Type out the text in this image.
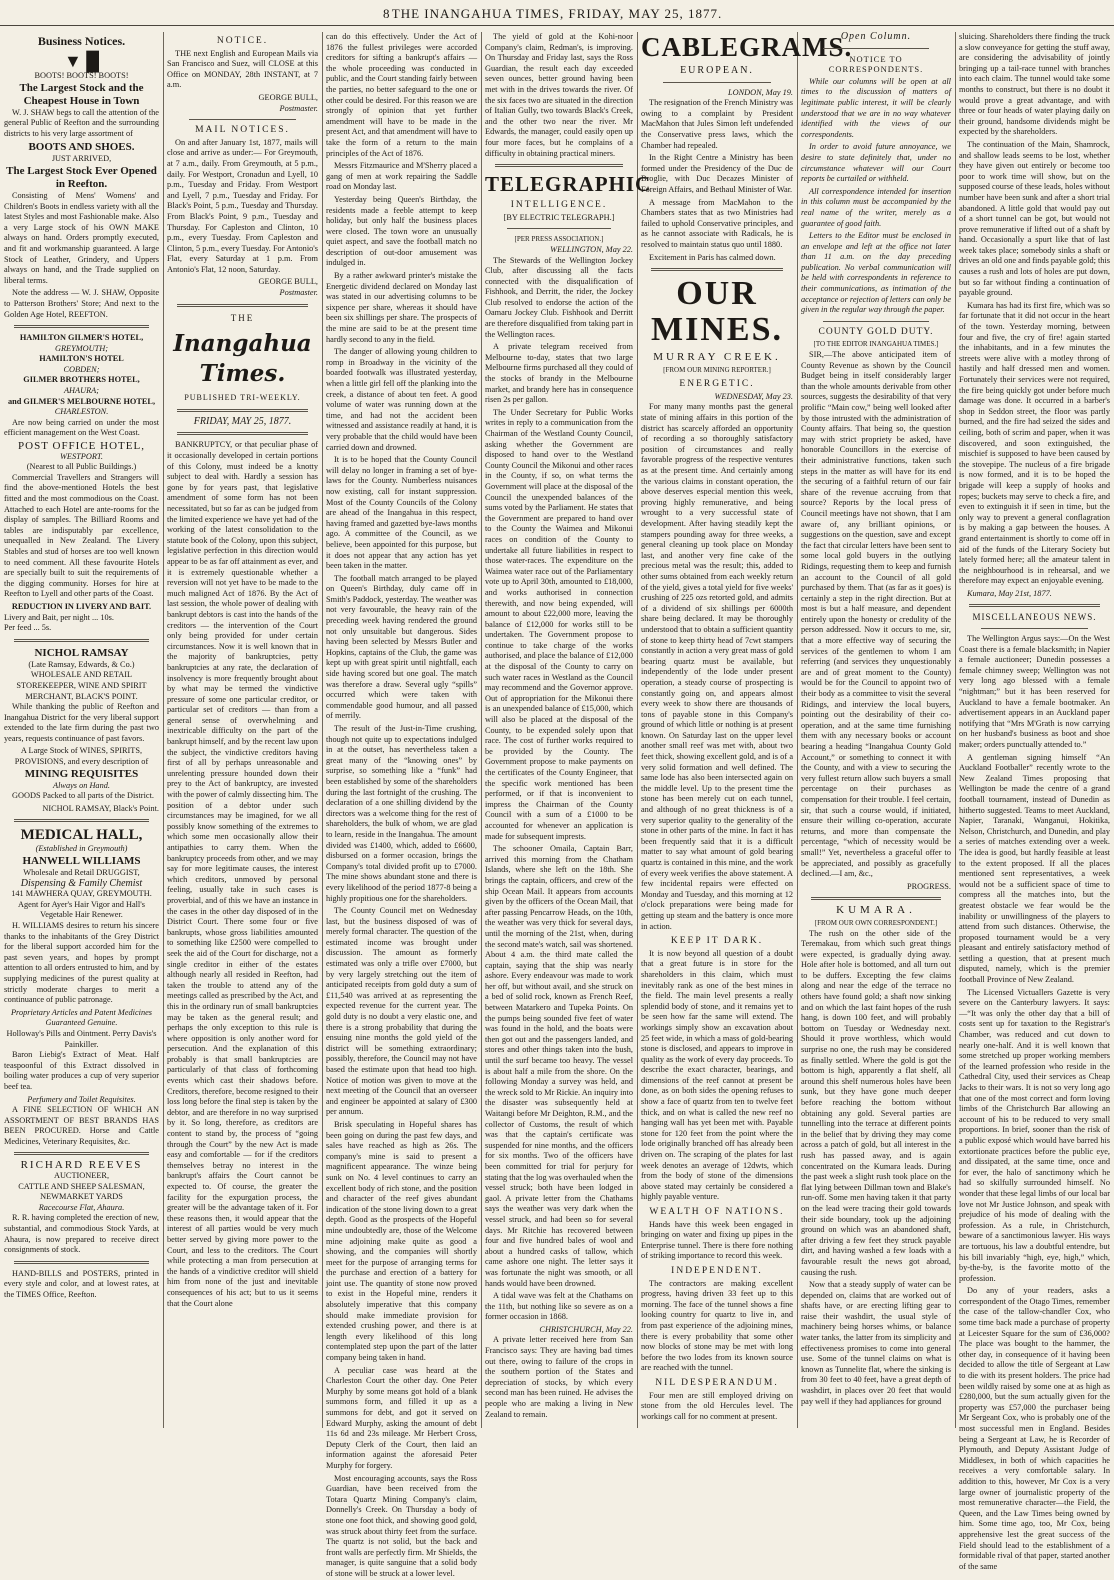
8 THE INANGAHUA TIMES, FRIDAY, MAY 25, 1877.
Business Notices.
▼ █
BOOTS! BOOTS! BOOTS!
The Largest Stock and the Cheapest House in Town

W. J. SHAW begs to call the attention of the general Public of Reefton and the surrounding districts to his very large assortment of

BOOTS AND SHOES.
JUST ARRIVED,
The Largest Stock Ever Opened in Reefton.

Consisting of Mens' Womens' and Children's Boots in endless variety with all the latest Styles and most Fashionable make. Also a very Large stock of his OWN MAKE always on hand. Orders promptly executed, and fit and workmanship guaranteed. A large Stock of Leather, Grindery, and Uppers always on hand, and the Trade supplied on liberal terms.

Note the address — W. J. SHAW, Opposite to Patterson Brothers' Store; And next to the Golden Age Hotel, REEFTON.

HAMILTON GILMER'S HOTEL,
GREYMOUTH;
HAMILTON'S HOTEL
COBDEN;
GILMER BROTHERS HOTEL,
AHAURA;
and GILMER'S MELBOURNE HOTEL,
CHARLESTON.

Are now being carried on under the most efficient management on the West Coast.

POST OFFICE HOTEL,
WESTPORT.
(Nearest to all Public Buildings.)

Commercial Travellers and Strangers will find the above-mentioned Hotels the best fitted and the most commodious on the Coast. Attached to each Hotel are ante-rooms for the display of samples. The Billiard Rooms and tables are indisputably par excellence, unequalled in New Zealand. The Livery Stables and stud of horses are too well known to need comment. All these favourite Hotels are specially built to suit the requirements of the digging community. Horses for hire at Reefton to Lyell and other parts of the Coast.

REDUCTION IN LIVERY AND BAIT.
Livery and Bait, per night ... 10s.
Per feed ... 5s.
NICHOL RAMSAY
(Late Ramsay, Edwards, & Co.)
WHOLESALE AND RETAIL STOREKEEPER, WINE AND SPIRIT MERCHANT, BLACK'S POINT.

While thanking the public of Reefton and Inangahua District for the very liberal support extended to the late firm during the past two years, requests continuance of past favors.

A Large Stock of WINES, SPIRITS, PROVISIONS, and every description of
MINING REQUISITES
Always on Hand.

GOODS Packed to all parts of the District.

NICHOL RAMSAY, Black's Point.
MEDICAL HALL,
(Established in Greymouth)
HANWELL WILLIAMS
Wholesale and Retail DRUGGIST,
Dispensing & Family Chemist
141 MAWHERA QUAY, GREYMOUTH.
Agent for Ayer's Hair Vigor and Hall's Vegetable Hair Renewer.

H. WILLIAMS desires to return his sincere thanks to the inhabitants of the Grey District for the liberal support accorded him for the past seven years, and hopes by prompt attention to all orders entrusted to him, and by supplying medicines of the purest quality at strictly moderate charges to merit a continuance of public patronage.

Proprietary Articles and Patent Medicines Guaranteed Genuine.
Holloway's Pills and Ointment. Perry Davis's Painkiller.

Baron Liebig's Extract of Meat. Half teaspoonful of this Extract dissolved in boiling water produces a cup of very superior beef tea.

Perfumery and Toilet Requisites.

A FINE SELECTION OF WHICH AN ASSORTMENT OF BEST BRANDS HAS BEEN PROCURED. Horse and Cattle Medicines, Veterinary Requisites, &c.

RICHARD REEVES
AUCTIONEER,
CATTLE AND SHEEP SALESMAN,
NEWMARKET YARDS
Racecourse Flat, Ahaura.

R. R. having completed the erection of new, substantial, and commodious Stock Yards, at Ahaura, is now prepared to receive direct consignments of stock.

HAND-BILLS and POSTERS, printed in every style and color, and at lowest rates, at the TIMES Office, Reefton.

NOTICE.

THE next English and European Mails via San Francisco and Suez, will CLOSE at this Office on MONDAY, 28th INSTANT, at 7 a.m.

GEORGE BULL,
Postmaster.
MAIL NOTICES.

On and after January 1st, 1877, mails will close and arrive as under:— For Greymouth, at 7 a.m., daily. From Greymouth, at 5 p.m., daily. For Westport, Cronadun and Lyell, 10 p.m., Tuesday and Friday. From Westport and Lyell, 7 p.m., Tuesday and Friday. For Black's Point, 5 p.m., Tuesday and Thursday. From Black's Point, 9 p.m., Tuesday and Thursday. For Capleston and Clinton, 10 p.m., every Tuesday. From Capleston and Clinton, 5 p.m., every Tuesday. For Antonio's Flat, every Saturday at 1 p.m. From Antonio's Flat, 12 noon, Saturday.

GEORGE BULL,
Postmaster.
THE
Inangahua Times.
PUBLISHED TRI-WEEKLY.
FRIDAY, MAY 25, 1877.

BANKRUPTCY, or that peculiar phase of it occasionally developed in certain portions of this Colony, must indeed be a knotty subject to deal with. Hardly a session has gone by for years past, that legislative amendment of some form has not been necessitated, but so far as can be judged from the limited experience we have yet had of the working of the latest consolidation to the statute book of the Colony, upon this subject, legislative perfection in this direction would appear to be as far off attainment as ever, and it is extremely questionable whether a reversion will not yet have to be made to the much maligned Act of 1876. By the Act of last session, the whole power of dealing with bankrupt debtors is cast into the hands of the creditors — the intervention of the Court only being provided for under certain circumstances. Now it is well known that in the majority of bankruptcies, petty bankruptcies at any rate, the declaration of insolvency is more frequently brought about by what may be termed the vindictive pressure of some one particular creditor, or particular set of creditors — than from a general sense of overwhelming and inextricable difficulty on the part of the bankrupt himself, and by the recent law upon the subject, the vindictive creditors having first of all by perhaps unreasonable and unrelenting pressure hounded down their prey to the Act of bankruptcy, are invested with the power of calmly dissecting him. The position of a debtor under such circumstances may be imagined, for we all possibly know something of the extremes to which some men occasionally allow their antipathies to carry them. When the bankruptcy proceeds from other, and we may say for more legitimate causes, the interest which creditors, unmoved by personal feeling, usually take in such cases is proverbial, and of this we have an instance in the cases in the other day disposed of in the District Court. There some four or five bankrupts, whose gross liabilities amounted to something like £2500 were compelled to seek the aid of the Court for discharge, not a single creditor in either of the estates although nearly all resided in Reefton, had taken the trouble to attend any of the meetings called as prescribed by the Act, and this in the ordinary run of small bankruptcies may be taken as the general result; and perhaps the only exception to this rule is where opposition is only another word for persecution. And the explanation of this probably is that small bankruptcies are particularly of that class of forthcoming events which cast their shadows before. Creditors, therefore, become resigned to their loss long before the final step is taken by the debtor, and are therefore in no way surprised by it. So long, therefore, as creditors are content to stand by, the process of “going through the Court” by the new Act is made easy and comfortable — for if the creditors themselves betray no interest in the bankrupt's affairs the Court cannot be expected to. Of course, the greater the facility for the expurgation process, the greater will be the advantage taken of it. For these reasons then, it would appear that the interest of all parties would be very much better served by giving more power to the Court, and less to the creditors. The Court while protecting a man from persecution at the hands of a vindictive creditor will shield him from none of the just and inevitable consequences of his act; but to us it seems that the Court alone

can do this effectively. Under the Act of 1876 the fullest privileges were accorded creditors for sifting a bankrupt's affairs — the whole proceeding was conducted in public, and the Court standing fairly between the parties, no better safeguard to the one or other could be desired. For this reason we are strongly of opinion that yet further amendment will have to be made in the present Act, and that amendment will have to take the form of a return to the main principles of the Act of 1876.

Messrs Fitzmaurice and M'Sherry placed a gang of men at work repairing the Saddle road on Monday last.

Yesterday being Queen's Birthday, the residents made a feeble attempt to keep holiday, but only half the business places were closed. The town wore an unusually quiet aspect, and save the football match no description of out-door amusement was indulged in.

By a rather awkward printer's mistake the Energetic dividend declared on Monday last was stated in our advertising columns to be sixpence per share, whereas it should have been six shillings per share. The prospects of the mine are said to be at the present time hardly second to any in the field.

The danger of allowing young children to romp in Broadway in the vicinity of the boarded footwalk was illustrated yesterday, when a little girl fell off the planking into the creek, a distance of about ten feet. A good volume of water was running down at the time, and had not the accident been witnessed and assistance readily at hand, it is very probable that the child would have been carried down and drowned.

It is to be hoped that the County Council will delay no longer in framing a set of bye-laws for the County. Numberless nuisances now existing, call for instant suppression. Most of the County Councils of the Colony are ahead of the Inangahua in this respect, having framed and gazetted bye-laws months ago. A committee of the Council, as we believe, been appointed for this purpose, but it does not appear that any action has yet been taken in the matter.

The football match arranged to be played on Queen's Birthday, duly came off in Smith's Paddock, yesterday. The weather was not very favourable, the heavy rain of the preceding week having rendered the ground not only unsuitable but dangerous. Sides having been selected by Messrs Butler and Hopkins, captains of the Club, the game was kept up with great spirit until nightfall, each side having scored but one goal. The match was therefore a draw. Several ugly “spills” occurred which were taken with commendable good humour, and all passed of merrily.

The result of the Just-in-Time crushing, though not quite up to expectations indulged in at the outset, has nevertheless taken a great many of the “knowing ones” by surprise, so something like a “funk” had been established by some of the shareholders during the last fortnight of the crushing. The declaration of a one shilling dividend by the directors was a welcome thing for the rest of shareholders, the bulk of whom, we are glad to learn, reside in the Inangahua. The amount divided was £1400, which, added to £6600, disbursed on a former occasion, brings the Company's total divided profit up to £7000. The mine shows abundant stone and there is every likelihood of the period 1877-8 being a highly propitious one for the shareholders.

The County Council met on Wednesday last, but the business disposed of was of merely formal character. The question of the estimated income was brought under discussion. The amount as formerly estimated was only a trifle over £7000, but by very largely stretching out the item of anticipated receipts from gold duty a sum of £11,540 was arrived at as representing the expected revenue for the current year. The gold duty is no doubt a very elastic one, and there is a strong probability that during the ensuing nine months the gold yield of the district will be something extraordinary; possibly, therefore, the Council may not have based the estimate upon that head too high. Notice of motion was given to move at the next meeting of the Council that an overseer and engineer be appointed at salary of £300 per annum.

Brisk speculating in Hopeful shares has been going on during the past few days, and sales have reached as high as 26s. The company's mine is said to present a magnificent appearance. The winze being sunk on No. 4 level continues to carry an excellent body of rich stone, and the position and character of the reef gives abundant indication of the stone living down to a great depth. Good as the prospects of the Hopeful mine undoubtedly are, those of the Welcome mine adjoining make quite as good a showing, and the companies will shortly meet for the purpose of arranging terms for the purchase and erection of a battery for joint use. The quantity of stone now proved to exist in the Hopeful mine, renders it absolutely imperative that this company should make immediate provision for extended crushing power, and there is at length every likelihood of this long contemplated step upon the part of the latter company being taken in hand.

A peculiar case was heard at the Charleston Court the other day. One Peter Murphy by some means got hold of a blank summons form, and filled it up as a summons for debt, and got it served on Edward Murphy, asking the amount of debt 11s 6d and 23s mileage. Mr Herbert Cross, Deputy Clerk of the Court, then laid an information against the aforesaid Peter Murphy for forgery.

Most encouraging accounts, says the Ross Guardian, have been received from the Totara Quartz Mining Company's claim, Donnelly's Creek. On Thursday a body of stone one foot thick, and showing good gold, was struck about thirty feet from the surface. The quartz is not solid, but the back and front walls are perfectly firm. Mr Shields, the manager, is quite sanguine that a solid body of stone will be struck at a lower level.

The yield of gold at the Kohi-noor Company's claim, Redman's, is improving. On Thursday and Friday last, says the Ross Guardian, the result each day exceeded seven ounces, better ground having been met with in the drives towards the river. Of the six faces two are situated in the direction of Italian Gully, two towards Black's Creek, and the other two near the river. Mr Edwards, the manager, could easily open up four more faces, but he complains of a difficulty in obtaining practical miners.

TELEGRAPHIC
INTELLIGENCE.
[BY ELECTRIC TELEGRAPH.]
[PER PRESS ASSOCIATION.]
WELLINGTON, May 22.

The Stewards of the Wellington Jockey Club, after discussing all the facts connected with the disqualification of Fishhook, and Derritt, the rider, the Jockey Club resolved to endorse the action of the Oamaru Jockey Club. Fishhook and Derritt are therefore disqualified from taking part in the Wellington races.

A private telegram received from Melbourne to-day, states that two large Melbourne firms purchased all they could of the stocks of brandy in the Melbourne market, and brandy here has in consequence risen 2s per gallon.

The Under Secretary for Public Works writes in reply to a communication from the Chairman of the Westland County Council, asking whether the Government are disposed to hand over to the Westland County Council the Mikonui and other races in the County, if so, on what terms the Government will place at the disposal of the Council the unexpended balances of the sums voted by the Parliament. He states that the Government are prepared to hand over to the County the Waimea and Mikonui races on condition of the County to undertake all future liabilities in respect to those water-races. The expenditure on the Waimea water race out of the Parliamentary vote up to April 30th, amounted to £18,000, and works authorised in connection therewith, and now being expended, will amount to about £22,000 more, leaving the balance of £12,000 for works still to be undertaken. The Government propose to continue to take charge of the works authorised, and place the balance of £12,000 at the disposal of the County to carry on such water races in Westland as the Council may recommend and the Governor approve. Out of appropriation for the Mikonui there is an unexpended balance of £15,000, which will also be placed at the disposal of the County, to be expended solely upon that race. The cost of further works required to be provided by the County. The Government propose to make payments on the certificates of the County Engineer, that the specific work mentioned has been performed, or if that is inconvenient to impress the Chairman of the County Council with a sum of a £1000 to be accounted for whenever an application is made for subsequent imprests.

The schooner Omaila, Captain Barr, arrived this morning from the Chatham Islands, where she left on the 18th. She brings the captain, officers, and crew of the ship Ocean Mail. It appears from accounts given by the officers of the Ocean Mail, that after passing Pencarrow Heads, on the 10th, the weather was very thick for several days, until the morning of the 21st, when, during the second mate's watch, sail was shortened. About 4 a.m. the third mate called the captain, saying that the ship was nearly ashore. Every endeavour was made to work her off, but without avail, and she struck on a bed of solid rock, known as French Reef, between Matarkero and Tupeka Points. On the pumps being sounded five feet of water was found in the hold, and the boats were then got out and the passengers landed, and stores and other things taken into the bush, until the surf became too heavy. The vessel is about half a mile from the shore. On the following Monday a survey was held, and the wreck sold to Mr Rickie. An inquiry into the disaster was subsequently held at Waitangi before Mr Deighton, R.M., and the collector of Customs, the result of which was that the captain's certificate was suspended for nine months, and the officers for six months. Two of the officers have been committed for trial for perjury for stating that the log was overhauled when the vessel struck; both have been lodged in gaol. A private letter from the Chathams says the weather was very dark when the vessel struck, and had been so for several days. Mr Ritchie has recovered between four and five hundred bales of wool and about a hundred casks of tallow, which came ashore one night. The letter says it was fortunate the night was smooth, or all hands would have been drowned.

A tidal wave was felt at the Chathams on the 11th, but nothing like so severe as on a former occasion in 1868.

CHRISTCHURCH, May 22.

A private letter received here from San Francisco says: They are having bad times out there, owing to failure of the crops in the southern portion of the States and depreciation of stocks, by which every second man has been ruined. He advises the people who are making a living in New Zealand to remain.

CABLEGRAMS.
EUROPEAN.
LONDON, May 19.

The resignation of the French Ministry was owing to a complaint by President MacMahon that Jules Simon left undefended the Conservative press laws, which the Chamber had repealed.

In the Right Centre a Ministry has been formed under the Presidency of the Duc de Broglie, with Duc Decazes Minister of Foreign Affairs, and Bethaul Minister of War.

A message from MacMahon to the Chambers states that as two Ministries had failed to uphold Conservative principles, and as he cannot associate with Radicals, he is resolved to maintain status quo until 1880.

Excitement in Paris has calmed down.

OUR MINES.
MURRAY CREEK.
[FROM OUR MINING REPORTER.]
ENERGETIC.
WEDNESDAY, May 23.

For many many months past the general state of mining affairs in this portion of the district has scarcely afforded an opportunity of recording a so thoroughly satisfactory position of circumstances and really favorable progress of the respective ventures as at the present time. And certainly among the various claims in constant operation, the above deserves especial mention this week, proving highly remunerative, and being wrought to a very successful state of development. After having steadily kept the stampers pounding away for three weeks, a general cleaning up took place on Monday last, and another very fine cake of the precious metal was the result; this, added to other sums obtained from each weekly return of the yield, gives a total yield for five weeks' crushing of 225 ozs retorted gold, and admits of a dividend of six shillings per 6000th share being declared. It may be thoroughly understood that to obtain a sufficient quantity of stone to keep thirty head of 7cwt stampers constantly in action a very great mass of gold bearing quartz must be available, but independently of the lode under present operation, a steady course of prospecting is constantly going on, and appears almost every week to show there are thousands of tons of payable stone in this Company's ground of which little or nothing is at present known. On Saturday last on the upper level another small reef was met with, about two feet thick, showing excellent gold, and is of a very solid formation and well defined. The same lode has also been intersected again on the middle level. Up to the present time the stone has been merely cut on each tunnel, and although of no great thickness is of a very superior quality to the generality of the stone in other parts of the mine. In fact it has been frequently said that it is a difficult matter to say what amount of gold bearing quartz is contained in this mine, and the work of every week verifies the above statement. A few incidental repairs were effected on Monday and Tuesday, and this morning at 12 o'clock preparations were being made for getting up steam and the battery is once more in action.

KEEP IT DARK.

It is now beyond all question of a doubt that a great future is in store for the shareholders in this claim, which must inevitably rank as one of the best mines in the field. The main level presents a really splendid body of stone, and it remains yet to be seen how far the same will extend. The workings simply show an excavation about 25 feet wide, in which a mass of gold-bearing stone is disclosed, and appears to improve in quality as the work of every day proceeds. To describe the exact character, bearings, and dimensions of the reef cannot at present be done, as on both sides the opening refuses to show a face of quartz from ten to twelve feet thick, and on what is called the new reef no hanging wall has yet been met with. Payable stone for 120 feet from the point where the lode originally branched off has already been driven on. The scraping of the plates for last week denotes an average of 12dwts, which from the body of stone of the dimensions above stated may certainly be considered a highly payable venture.

WEALTH OF NATIONS.

Hands have this week been engaged in bringing on water and fixing up pipes in the Enterprise tunnel. There is there fore nothing of striking importance to record this week.

INDEPENDENT.

The contractors are making excellent progress, having driven 33 feet up to this morning. The face of the tunnel shows a fine looking country for quartz to live in, and from past experience of the adjoining mines, there is every probability that some other now blocks of stone may be met with long before the two lodes from its known source are reached with the tunnel.

NIL DESPERANDUM.

Four men are still employed driving on stone from the old Hercules level. The workings call for no comment at present.

Open Column.
NOTICE TO CORRESPONDENTS.

While our columns will be open at all times to the discussion of matters of legitimate public interest, it will be clearly understood that we are in no way whatever identified with the views of our correspondents.

In order to avoid future annoyance, we desire to state definitely that, under no circumstance whatever will our Court reports be curtailed or withheld.

All correspondence intended for insertion in this column must be accompanied by the real name of the writer, merely as a guarantee of good faith.

Letters to the Editor must be enclosed in an envelope and left at the office not later than 11 a.m. on the day preceding publication. No verbal communication will be held with correspondents in reference to their communications, as intimation of the acceptance or rejection of letters can only be given in the regular way through the paper.

COUNTY GOLD DUTY.
[TO THE EDITOR INANGAHUA TIMES.]

SIR,—The above anticipated item of County Revenue as shown by the Council Budget being in itself considerably larger than the whole amounts derivable from other sources, suggests the desirability of that very prolific “Main cow,” being well looked after by those intrusted with the administration of County affairs. That being so, the question may with strict propriety be asked, have honorable Councillors in the exercise of their administrative functions, taken such steps in the matter as will have for its end the securing of a faithful return of our fair share of the revenue accruing from that source? Reports by the local press of Council meetings have not shown, that I am aware of, any brilliant opinions, or suggestions on the question, save and except the fact that circular letters have been sent to some local gold buyers in the outlying Ridings, requesting them to keep and furnish an account to the Council of all gold purchased by them. That (as far as it goes) is certainly a step in the right direction. But at most is but a half measure, and dependent entirely upon the honesty or credulity of the person addressed. Now it occurs to me, sir, that a more effective way of securing the services of the gentlemen to whom I am referring (and services they unquestionably are and of great moment to the County) would be for the Council to appoint two of their body as a committee to visit the several Ridings, and interview the local buyers, pointing out the desirability of their co-operation, and at the same time furnishing them with any necessary books or account bearing a heading “Inangahua County Gold Account,” or something to connect it with the County, and with a view to securing the very fullest return allow such buyers a small percentage on their purchases as compensation for their trouble. I feel certain, sir, that such a course would, if initiated, ensure their willing co-operation, accurate returns, and more than compensate the percentage, “which of necessity would be small!” Yet, nevertheless a graceful offer to be appreciated, and possibly as gracefully declined.—I am, &c.,

PROGRESS.
KUMARA.
[FROM OUR OWN CORRESPONDENT.]

The rush on the other side of the Teremakau, from which such great things were expected, is gradually dying away. Hole after hole is bottomed, and all turn out to be duffers. Excepting the few claims along and near the edge of the terrace no others have found gold; a shaft now sinking and on which the last faint hopes of the rush hang, is down 100 feet, and will probably bottom on Tuesday or Wednesday next. Should it prove worthless, which would surprise no one, the rush may be considered as finally settled. Where the gold is got the bottom is high, apparently a flat shelf, all around this shelf numerous holes have been sunk, but they have gone much deeper before reaching the bottom without obtaining any gold. Several parties are tunnelling into the terrace at different points in the belief that by driving they may come across a patch of gold, but all interest in the rush has passed away, and is again concentrated on the Kumara leads. During the past week a slight rush took place on the flat lying between Dillman town and Blake's run-off. Some men having taken it that party on the lead were tracing their gold towards their side boundary, took up the adjoining ground on which was an abandoned shaft, after driving a few feet they struck payable dirt, and having washed a few loads with a favourable result the news got abroad, causing the rush.

Now that a steady supply of water can be depended on, claims that are worked out of shafts have, or are erecting lifting gear to raise their washdirt, the usual style of machinery being horses whims, or balance water tanks, the latter from its simplicity and effectiveness promises to come into general use. Some of the tunnel claims on what is known as Tunnelite flat, where the sinking is from 30 feet to 40 feet, have a great depth of washdirt, in places over 20 feet that would pay well if they had appliances for ground

sluicing. Shareholders there finding the truck a slow conveyance for getting the stuff away, are considering the advisability of jointly bringing up a tail-race tunnel with branches into each claim. The tunnel would take some months to construct, but there is no doubt it would prove a great advantage, and with three or four heads of water playing daily on their ground, handsome dividends might be expected by the shareholders.

The continuation of the Main, Shamrock, and shallow leads seems to be lost, whether they have given out entirely or become too poor to work time will show, but on the supposed course of these leads, holes without number have been sunk and after a short trial abandoned. A little gold that would pay out of a short tunnel can be got, but would not prove remunerative if lifted out of a shaft by hand. Occasionally a spurt like that of last week takes place; somebody sinks a shaft or drives an old one and finds payable gold; this causes a rush and lots of holes are put down, but so far without finding a continuation of payable ground.

Kumara has had its first fire, which was so far fortunate that it did not occur in the heart of the town. Yesterday morning, between four and five, the cry of fire! again started the inhabitants, and in a few minutes the streets were alive with a motley throng of hastily and half dressed men and women. Fortunately their services were not required, the fire being quickly got under before much damage was done. It occurred in a barber's shop in Seddon street, the floor was partly burned, and the fire had seized the sides and ceiling, both of scrim and paper, when it was discovered, and soon extinguished, the mischief is supposed to have been caused by the stovepipe. The nucleus of a fire brigade is now formed, and it is to be hoped the brigade will keep a supply of hooks and ropes; buckets may serve to check a fire, and even to extinguish it if seen in time, but the only way to prevent a general conflagration is by making a gap between the houses. A grand entertainment is shortly to come off in aid of the funds of the Literary Society but lately formed here; all the amateur talent in the neighbourhood is in rehearsal, and we therefore may expect an enjoyable evening.

Kumara, May 21st, 1877.

MISCELLANEOUS NEWS.

The Wellington Argus says:—On the West Coast there is a female blacksmith; in Napier a female auctioneer; Dunedin possesses a female chimney sweep; Wellington was not very long ago blessed with a female “nightman;” but it has been reserved for Auckland to have a female bootmaker. An advertisement appears in an Auckland paper notifying that “Mrs M'Grath is now carrying on her husband's business as boot and shoe maker; orders punctually attended to.”

A gentleman signing himself “An Auckland Footballer” recently wrote to the New Zealand Times proposing that Wellington be made the centre of a grand football tournament, instead of Dunedin as hitherto suggested. Teams to meet Auckland, Napier, Taranaki, Wanganui, Hokitika, Nelson, Christchurch, and Dunedin, and play a series of matches extending over a week. The idea is good, but hardly feasible at least to the extent proposed. If all the places mentioned sent representatives, a week would not be a sufficient space of time to compress all the matches into, but the greatest obstacle we fear would be the inability or unwillingness of the players to attend from such distances. Otherwise, the proposed tournament would be a very pleasant and entirely satisfactory method of settling a question, that at present much disputed, namely, which is the premier football Province of New Zealand.

The Licensed Victuallers Gazette is very severe on the Canterbury lawyers. It says:—“It was only the other day that a bill of costs sent up for taxation to the Registrar's Chamber, was reduced and cut down to nearly one-half. And it is well known that some stretched up proper working members of the learned profession who reside in the Cathedral City, used their services as Cheap Jacks to their wars. It is not so very long ago that one of the most correct and form loving limbs of the Christchurch Bar allowing an account of his to be reduced to very small proportions. In brief, sooner than the risk of a public exposé which would have barred his extortionate practices before the public eye, and dissipated, at the same time, once and for ever, the halo of sanctimony which he had so skilfully surrounded himself. No wonder that these legal limbs of our local bar love not Mr Justice Johnson, and speak with prejudice of his mode of dealing with the profession. As a rule, in Christchurch, beware of a sanctimonious lawyer. His ways are tortuous, his law a doubtful entendre, but his bill invariably “high, eye, high,” which, by-the-by, is the favorite motto of the profession.

Do any of your readers, asks a correspondent of the Otago Times, remember the case of the tallow-chandler Cox, who some time back made a purchase of property at Leicester Square for the sum of £36,000? The place was bought to the hammer, the other day, in consequence of it having been decided to allow the title of Sergeant at Law to die with its present holders. The price had been wildly raised by some one at as high as £280,000, but the sum actually given for the property was £57,000 the purchaser being Mr Sergeant Cox, who is probably one of the most successful men in England. Besides being a Sergeant at Law, he is Recorder of Plymouth, and Deputy Assistant Judge of Middlesex, in both of which capacities he receives a very comfortable salary. In addition to this, however, Mr Cox is a very large owner of journalistic property of the most remunerative character—the Field, the Queen, and the Law Times being owned by him. Some time ago, too, Mr Cox, being apprehensive lest the great success of the Field should lead to the establishment of a formidable rival of that paper, started another of the same
